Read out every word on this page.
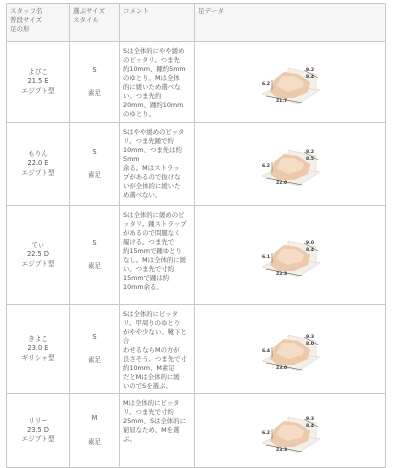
スタッフ名
普段サイズ
足の形
選ぶサイズ
スタイル
コメント	足データ
よぴこ
21.5 E
エジプト型
S
素足
Sは全体的にやや緩め
のピッタリ。つま先
約10mm、踵約5mm
のゆとり。Mは全体
的に緩いため選べな
い。つま先約
20mm、踵約10mm
のゆとり。
9.2
8.4
6.2
21.7
もりん
22.0 E
エジプト型
S
素足
Sはやや緩めのピッタ
リ。つま先踵で約
10mm、つま先は約5mm
余る。Mはストラッ
プがあるので抜けな
いが全体的に緩いた
め選べない。
8.2
8.5
6.2
22.0
てぃ
22.5 D
エジプト型
S
素足
Sは全体的に緩めのピ
ッタリ。踵ストラップ
があるので問題なく
履ける。つま先で
約15mmで踵ゆとり
なし。Mは全体的に緩
い。つま先で寸約
15mmで踵は約
10mm余る。
9.0
8.4
6.1
22.3
きよこ
23.0 E
ギリシャ型
S
素足
Sは全体的にピッタ
リ。甲周りのゆとり
がやや少ない。靴下と合
わせるならMの方が
良さそう。つま先で寸
約10mm、M素足
だとMは全体的に緩
いのでSを選ぶ。
9.3
8.0
6.4
23.0
リリー
23.5 D
エジプト型
M
素足
Mは全体的にピッタ
リ。つま先で寸約
25mm、Sは全体的に
窮屈なため、Mを選
ぶ。
9.3
8.4
6.2
23.3
